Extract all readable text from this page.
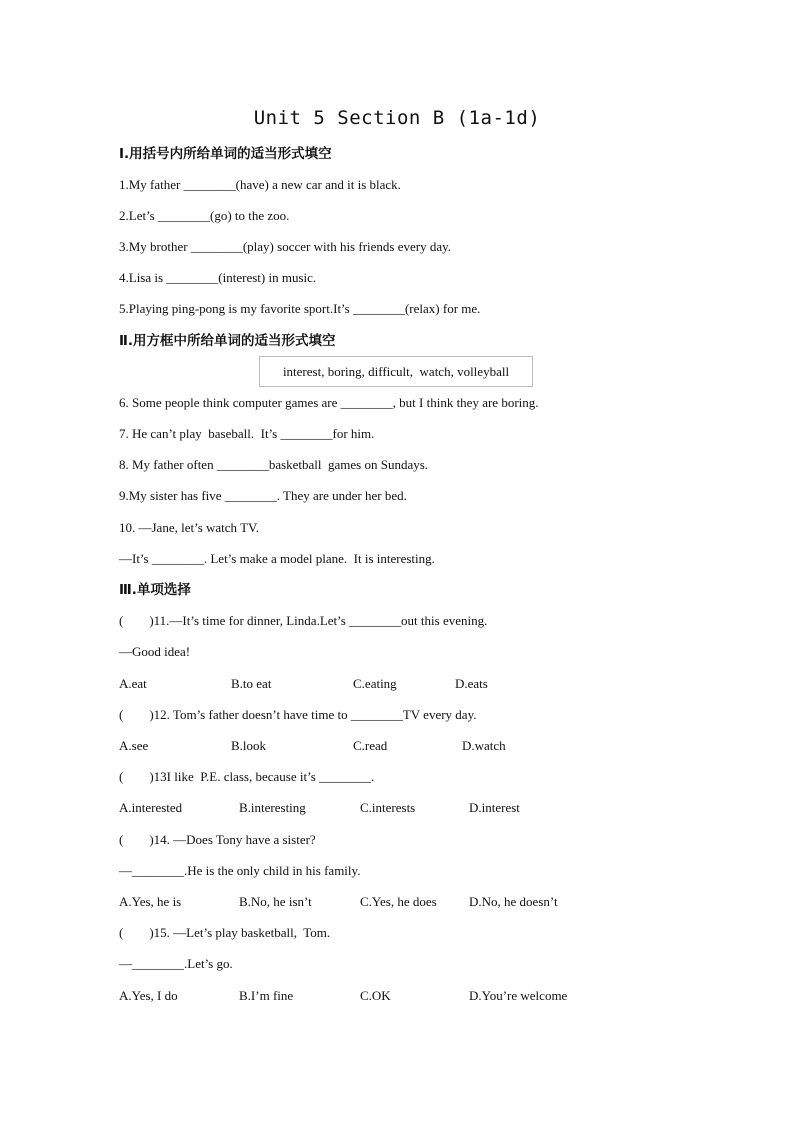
Unit 5 Section B (1a-1d)
Ⅰ.用括号内所给单词的适当形式填空
1.My father ________(have) a new car and it is black.
2.Let’s ________(go) to the zoo.
3.My brother ________(play) soccer with his friends every day.
4.Lisa is ________(interest) in music.
5.Playing ping-pong is my favorite sport.It’s ________(relax) for me.
Ⅱ.用方框中所给单词的适当形式填空
interest, boring, difficult,  watch, volleyball
6. Some people think computer games are ________, but I think they are boring.
7. He can’t play  baseball.  It’s ________for him.
8. My father often ________basketball  games on Sundays.
9.My sister has five ________. They are under her bed.
10. —Jane, let’s watch TV.
—It’s ________. Let’s make a model plane.  It is interesting.
Ⅲ.单项选择
(        )11.—It’s time for dinner, Linda.Let’s ________out this evening.
—Good idea!
A.eat	B.to eat	C.eating	D.eats
(        )12. Tom’s father doesn’t have time to ________TV every day.
A.see	B.look	C.read	D.watch
(        )13I like  P.E. class, because it’s ________.
A.interested	B.interesting	C.interests	D.interest
(        )14. —Does Tony have a sister?
—________.He is the only child in his family.
A.Yes, he is	B.No, he isn’t	C.Yes, he does D.No, he doesn’t
(        )15. —Let’s play basketball,  Tom.
—________.Let’s go.
A.Yes, I do	B.I’m fine	C.OK	D.You’re welcome
